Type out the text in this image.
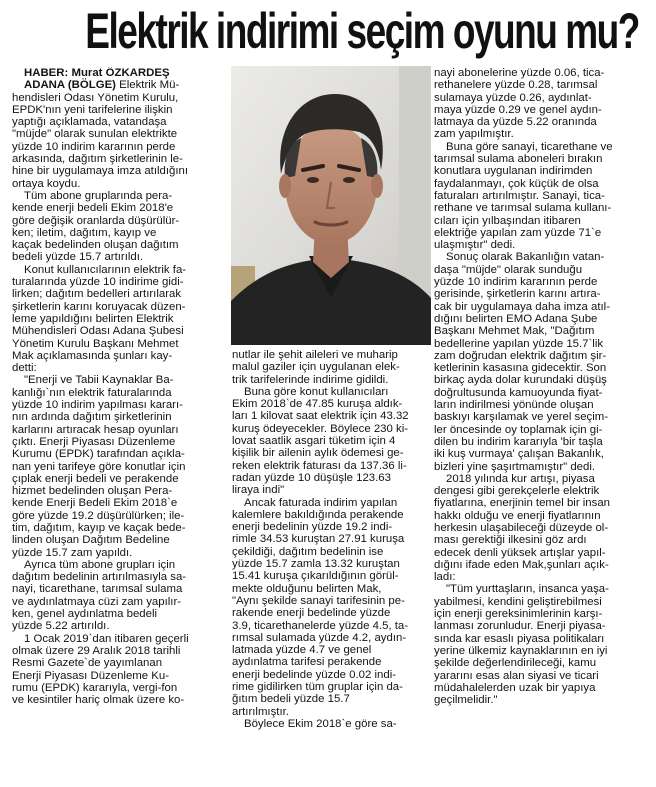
Elektrik indirimi seçim oyunu mu?
HABER: Murat ÖZKARDEŞ
ADANA (BÖLGE) Elektrik Mü-
hendisleri Odası Yönetim Kurulu,
EPDK'nın yeni tarifelerine ilişkin
yaptığı açıklamada, vatandaşa
"müjde" olarak sunulan elektrikte
yüzde 10 indirim kararının perde
arkasında, dağıtım şirketlerinin le-
hine bir uygulamaya imza atıldığını
ortaya koydu.
Tüm abone gruplarında pera-
kende enerji bedeli Ekim 2018'e
göre değişik oranlarda düşürülür-
ken; iletim, dağıtım, kayıp ve
kaçak bedelinden oluşan dağıtım
bedeli yüzde 15.7 artırıldı.
Konut kullanıcılarının elektrik fa-
turalarında yüzde 10 indirime gidi-
lirken; dağıtım bedelleri artırılarak
şirketlerin karını koruyacak düzen-
leme yapıldığını belirten Elektrik
Mühendisleri Odası Adana Şubesi
Yönetim Kurulu Başkanı Mehmet
Mak açıklamasında şunları kay-
detti:
"Enerji ve Tabii Kaynaklar Ba-
kanlığı`nın elektrik faturalarında
yüzde 10 indirim yapılması kararı-
nın ardında dağıtım şirketlerinin
karlarını artıracak hesap oyunları
çıktı. Enerji Piyasası Düzenleme
Kurumu (EPDK) tarafından açıkla-
nan yeni tarifeye göre konutlar için
çıplak enerji bedeli ve perakende
hizmet bedelinden oluşan Pera-
kende Enerji Bedeli Ekim 2018`e
göre yüzde 19.2 düşürülürken; ile-
tim, dağıtım, kayıp ve kaçak bede-
linden oluşan Dağıtım Bedeline
yüzde 15.7 zam yapıldı.
Ayrıca tüm abone grupları için
dağıtım bedelinin artırılmasıyla sa-
nayi, ticarethane, tarımsal sulama
ve aydınlatmaya cüzi zam yapılır-
ken, genel aydınlatma bedeli
yüzde 5.22 artırıldı.
1 Ocak 2019`dan itibaren geçerli
olmak üzere 29 Aralık 2018 tarihli
Resmi Gazete`de yayımlanan
Enerji Piyasası Düzenleme Ku-
rumu (EPDK) kararıyla, vergi-fon
ve kesintiler hariç olmak üzere ko-
nayi abonelerine yüzde 0.06, tica-
rethanelere yüzde 0.28, tarımsal
sulamaya yüzde 0.26, aydınlat-
maya yüzde 0.29 ve genel aydın-
latmaya da yüzde 5.22 oranında
zam yapılmıştır.
Buna göre sanayi, ticarethane ve
tarımsal sulama aboneleri bırakın
konutlara uygulanan indirimden
faydalanmayı, çok küçük de olsa
faturaları artırılmıştır. Sanayi, tica-
rethane ve tarımsal sulama kullanı-
cıları için yılbaşından itibaren
elektriğe yapılan zam yüzde 71`e
ulaşmıştır" dedi.
Sonuç olarak Bakanlığın vatan-
daşa "müjde" olarak sunduğu
yüzde 10 indirim kararının perde
gerisinde, şirketlerin karını artıra-
cak bir uygulamaya daha imza atıl-
dığını belirten EMO Adana Şube
Başkanı Mehmet Mak, "Dağıtım
bedellerine yapılan yüzde 15.7`lik
zam doğrudan elektrik dağıtım şir-
ketlerinin kasasına gidecektir. Son
birkaç ayda dolar kurundaki düşüş
doğrultusunda kamuoyunda fiyat-
ların indirilmesi yönünde oluşan
baskıyı karşılamak ve yerel seçim-
ler öncesinde oy toplamak için gi-
dilen bu indirim kararıyla 'bir taşla
iki kuş vurmaya' çalışan Bakanlık,
bizleri yine şaşırtmamıştır" dedi.
2018 yılında kur artışı, piyasa
dengesi gibi gerekçelerle elektrik
fiyatlarına, enerjinin temel bir insan
hakkı olduğu ve enerji fiyatlarının
herkesin ulaşabileceği düzeyde ol-
ması gerektiği ilkesini göz ardı
edecek denli yüksek artışlar yapıl-
dığını ifade eden Mak,şunları açık-
ladı:
"Tüm yurttaşların, insanca yaşa-
yabilmesi, kendini geliştirebilmesi
için enerji gereksinimlerinin karşı-
lanması zorunludur. Enerji piyasa-
sında kar esaslı piyasa politikaları
yerine ülkemiz kaynaklarının en iyi
şekilde değerlendirileceği, kamu
yararını esas alan siyasi ve ticari
müdahalelerden uzak bir yapıya
geçilmelidir."
nutlar ile şehit aileleri ve muharip
malul gaziler için uygulanan elek-
trik tarifelerinde indirime gidildi.
Buna göre konut kullanıcıları
Ekim 2018`de 47.85 kuruşa aldık-
ları 1 kilovat saat elektrik için 43.32
kuruş ödeyecekler. Böylece 230 ki-
lovat saatlik asgari tüketim için 4
kişilik bir ailenin aylık ödemesi ge-
reken elektrik faturası da 137.36 li-
radan yüzde 10 düşüşle 123.63
liraya indi"
Ancak faturada indirim yapılan
kalemlere bakıldığında perakende
enerji bedelinin yüzde 19.2 indi-
rimle 34.53 kuruştan 27.91 kuruşa
çekildiği, dağıtım bedelinin ise
yüzde 15.7 zamla 13.32 kuruştan
15.41 kuruşa çıkarıldığının görül-
mekte olduğunu belirten Mak,
"Aynı şekilde sanayi tarifesinin pe-
rakende enerji bedelinde yüzde
3.9, ticarethanelerde yüzde 4.5, ta-
rımsal sulamada yüzde 4.2, aydın-
latmada yüzde 4.7 ve genel
aydınlatma tarifesi perakende
enerji bedelinde yüzde 0.02 indi-
rime gidilirken tüm gruplar için da-
ğıtım bedeli yüzde 15.7
artırılmıştır.
Böylece Ekim 2018`e göre sa-
